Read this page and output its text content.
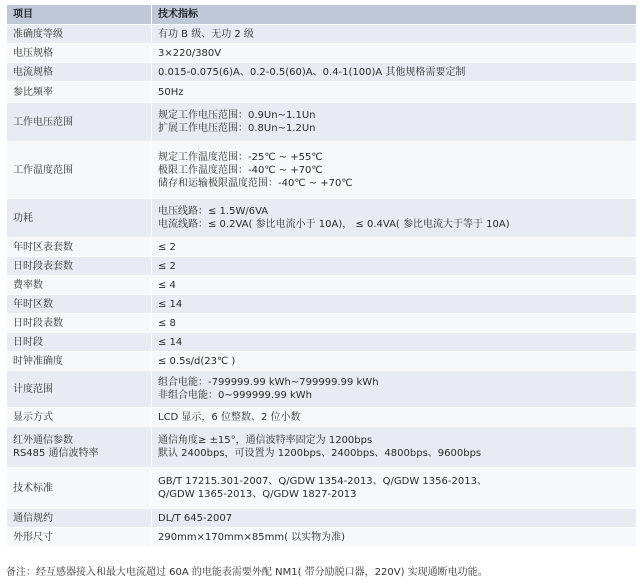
项目	技术指标

准确度等级	有功 B 级、无功 2 级

电压规格	3×220/380V

电流规格	0.015-0.075(6)A、0.2-0.5(60)A、0.4-1(100)A 其他规格需要定制

参比频率	50Hz

工作电压范围	规定工作电压范围：0.9Un~1.1Un
扩展工作电压范围：0.8Un~1.2Un

工作温度范围	规定工作温度范围：-25℃ ~ +55℃
极限工作温度范围：-40℃ ~ +70℃
储存和运输极限温度范围：-40℃ ~ +70℃

功耗	电压线路：≤ 1.5W/6VA
电流线路：≤ 0.2VA( 参比电流小于 10A)， ≤ 0.4VA( 参比电流大于等于 10A)

年时区表套数	≤ 2

日时段表套数	≤ 2

费率数	≤ 4

年时区数	≤ 14

日时段表数	≤ 8

日时段	≤ 14

时钟准确度	≤ 0.5s/d(23℃ )

计度范围	组合电能：-799999.99 kWh~799999.99 kWh
非组合电能：0~999999.99 kWh

显示方式	LCD 显示，6 位整数、2 位小数

红外通信参数
RS485 通信波特率	通信角度≥ ±15°，通信波特率固定为 1200bps
默认 2400bps，可设置为 1200bps、2400bps、4800bps、9600bps

技术标准	GB/T 17215.301-2007、Q/GDW 1354-2013、Q/GDW 1356-2013、
Q/GDW 1365-2013、Q/GDW 1827-2013

通信规约	DL/T 645-2007

外形尺寸	290mm×170mm×85mm( 以实物为准)
备注：经互感器接入和最大电流超过 60A 的电能表需要外配 NM1( 带分励脱口器，220V) 实现通断电功能。
